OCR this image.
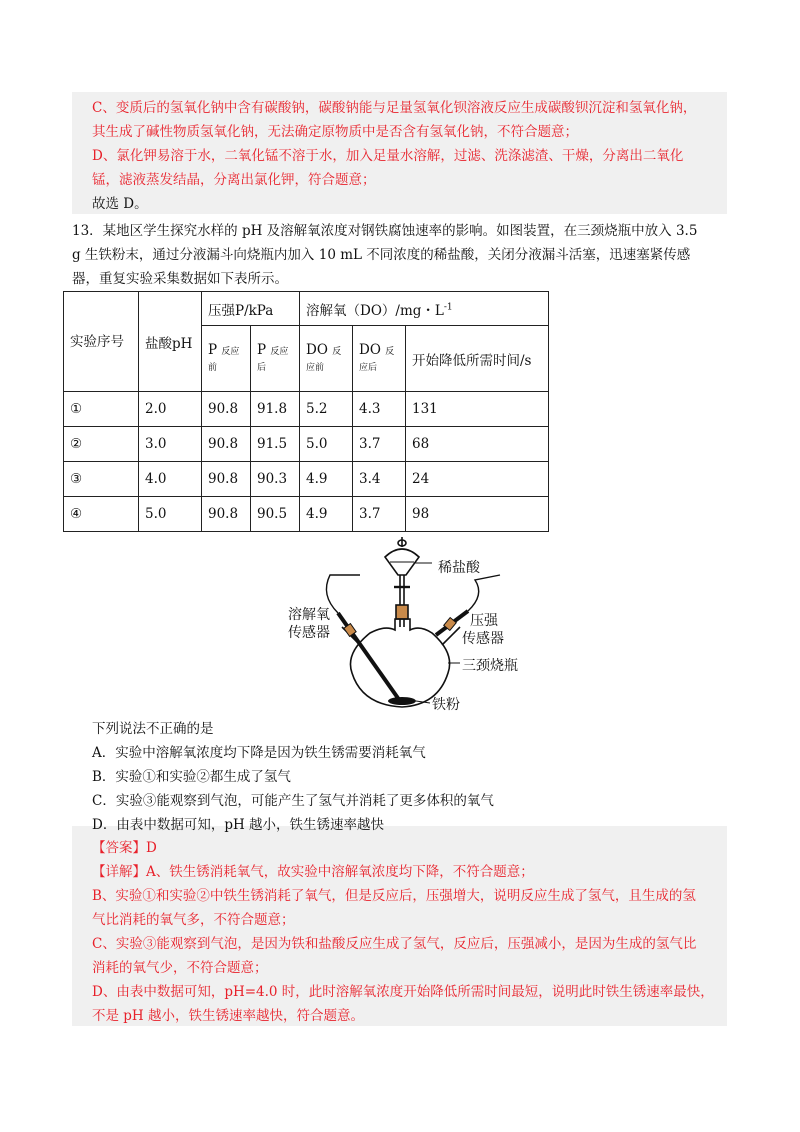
C、变质后的氢氧化钠中含有碳酸钠，碳酸钠能与足量氢氧化钡溶液反应生成碳酸钡沉淀和氢氧化钠，
其生成了碱性物质氢氧化钠，无法确定原物质中是否含有氢氧化钠，不符合题意；
D、氯化钾易溶于水，二氧化锰不溶于水，加入足量水溶解，过滤、洗涤滤渣、干燥，分离出二氧化
锰，滤液蒸发结晶，分离出氯化钾，符合题意；
故选 D。
13．某地区学生探究水样的 pH 及溶解氧浓度对钢铁腐蚀速率的影响。如图装置，在三颈烧瓶中放入 3.5
g 生铁粉末，通过分液漏斗向烧瓶内加入 10 mL 不同浓度的稀盐酸，关闭分液漏斗活塞，迅速塞紧传感
器，重复实验采集数据如下表所示。
实验序号	盐酸pH	压强P/kPa		溶解氧（DO）/mg・$L^{-1}$
		P 反应前	P 反应后	DO 反应前	DO 反应后	开始降低所需时间/s
①	2.0	90.8	91.8	5.2	4.3	131
②	3.0	90.8	91.5	5.0	3.7	68
③	4.0	90.8	90.3	4.9	3.4	24
④	5.0	90.8	90.5	4.9	3.7	98
稀盐酸
溶解氧
传感器
压强
传感器
三颈烧瓶
铁粉
下列说法不正确的是
A．实验中溶解氧浓度均下降是因为铁生锈需要消耗氧气
B．实验①和实验②都生成了氢气
C．实验③能观察到气泡，可能产生了氢气并消耗了更多体积的氧气
D．由表中数据可知，pH 越小，铁生锈速率越快
【答案】D
【详解】A、铁生锈消耗氧气，故实验中溶解氧浓度均下降，不符合题意；
B、实验①和实验②中铁生锈消耗了氧气，但是反应后，压强增大，说明反应生成了氢气，且生成的氢
气比消耗的氧气多，不符合题意；
C、实验③能观察到气泡，是因为铁和盐酸反应生成了氢气，反应后，压强减小，是因为生成的氢气比
消耗的氧气少，不符合题意；
D、由表中数据可知，pH=4.0 时，此时溶解氧浓度开始降低所需时间最短，说明此时铁生锈速率最快，
不是 pH 越小，铁生锈速率越快，符合题意。
